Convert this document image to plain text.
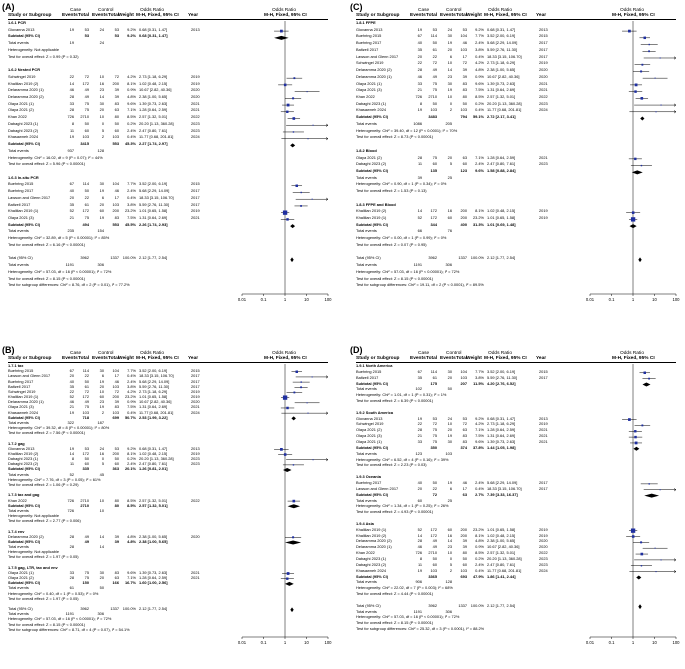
(A)	Case	Control	Odds Ratio	Odds Ratio
Study or Subgroup Events Total Events Total
Weight M-H, Fixed, 95% CI Year	M-H, Fixed, 95% CI
1.6.1 PCR
Giovanna 2013	19	53	24	53	9.2% 0.68 [0.31, 1.47]	2013
Subtotal (95% CI)	53	53	9.2% 0.68 [0.31, 1.47]
Total events	19	24
Heterogeneity: Not applicable
Test for overall effect: Z = 0.99 (P = 0.32)
1.6.2 Nested PCR
Schwingel 2019	22	72	10	72	4.2% 2.73 [1.18, 6.29]	2019
Khalilian 2019 (2)	14	172	16	200	8.1% 1.02 [0.48, 2.15]	2019
Delaramma 2020 (1)	46	49	23	39	0.9% 10.67 [2.82, 40.36]	2020
Delaramma 2020 (2)	28	49	14	39	4.8% 2.38 [1.00, 5.65]	2020
Olaya 2021 (1)	33	75	30	83	9.6% 1.39 [0.73, 2.63]	2021
Olaya 2021 (2)	28	75	20	63	7.1% 1.28 [0.64, 2.59]	2021
Khan 2022	726	2710	10	80	8.5% 2.57 [1.32, 5.01]	2022
Dabaghi 2023 (1)	8	50	0	50	0.2% 20.20 [1.13, 360.28]	2023
Dabaghi 2023 (2)	11	60	5	60	2.4% 2.47 [0.80, 7.61]	2023
Khasawneh 2024	19	103	2	103	0.4% 11.77 [0.68, 201.81]	2024
Subtotal (95% CI)	3415	553	45.3% 2.27 [1.74, 2.97]
Total events	937	128
Heterogeneity: Chi² = 16.02, df = 9 (P = 0.07); I² = 44%
Test for overall effect: Z = 5.96 (P < 0.00001)
1.6.3 In-situ PCR
Buehring 2015	67	114	30	104	7.7% 3.52 [2.00, 6.19]	2015
Buehring 2017	40	50	19	46	2.4% 5.68 [2.29, 14.09]	2017
Lawson and Glenn 2017	20	22	6	17	0.4% 18.33 [3.15, 106.70]	2017
Baltzell 2017	35	61	20	103	3.8% 5.59 [2.76, 11.30]	2017
Khalilian 2019 (1)	52	172	60	200	23.2% 1.01 [0.65, 1.58]	2019
Olaya 2021 (3)	21	75	19	83	7.5% 1.31 [0.64, 2.69]	2021
Subtotal (95% CI)	494	553	45.5% 2.26 [1.74, 2.93]
Total events	235	154
Heterogeneity: Chi² = 32.89, df = 5 (P < 0.00001); I² = 85%
Test for overall effect: Z = 6.16 (P < 0.00001)
Total (95% CI)	3962	1337 100.0% 2.12 [1.77, 2.54]
Total events	1191	306
Heterogeneity: Chi² = 57.03, df = 16 (P < 0.00001); I² = 72%
Test for overall effect: Z = 8.15 (P < 0.00001)
Test for subgroup differences: Chi² = 8.76, df = 2 (P = 0.01), I² = 77.2%
0.01	0.1	1	10	100
(C)	Case	Control	Odds Ratio	Odds Ratio
Study or Subgroup Events Total Events Total
Weight M-H, Fixed, 95% CI Year	M-H, Fixed, 95% CI
1.8.1 FFPE
Giovanna 2013	19	53	24	53	9.2% 0.68 [0.31, 1.47]	2013
Buehring 2015	67	114	30	104	7.7% 3.52 [2.00, 6.19]	2015
Buehring 2017	40	50	19	46	2.4% 5.68 [2.29, 14.09]	2017
Baltzell 2017	35	61	20	103	3.8% 5.59 [2.76, 11.30]	2017
Lawson and Glenn 2017	20	22	6	17	0.4% 18.33 [3.15, 106.70]	2017
Schwingel 2019	22	72	10	72	4.2% 2.73 [1.18, 6.29]	2019
Delaramma 2020 (2)	28	49	14	39	4.8% 2.38 [1.00, 5.65]	2020
Delaramma 2020 (1)	46	49	23	39	0.9% 10.67 [2.82, 40.36]	2020
Olaya 2021 (1)	33	75	30	83	9.6% 1.39 [0.73, 2.63]	2021
Olaya 2021 (3)	21	75	19	83	7.5% 1.31 [0.64, 2.69]	2021
Khan 2022	726	2710	10	80	8.5% 2.57 [1.32, 5.01]	2022
Dabaghi 2023 (1)	8	50	0	50	0.2% 20.20 [1.13, 360.28]	2023
Khasawneh 2024	19	103	2	103	0.4% 11.77 [0.68, 201.81]	2024
Subtotal (95% CI)	3483	794	59.1% 2.72 [2.17, 3.41]
Total events	1086	205
Heterogeneity: Chi² = 39.40, df = 12 (P < 0.0001); I² = 70%
Test for overall effect: Z = 8.73 (P < 0.00001)
1.8.2 Blood
Olaya 2021 (2)	28	75	20	63	7.1% 1.28 [0.64, 2.59]	2021
Dabaghi 2023 (2)	11	60	5	60	2.4% 2.47 [0.80, 7.61]	2023
Subtotal (95% CI)	135	123	9.6% 1.58 [0.88, 2.84]
Total events	39	25
Heterogeneity: Chi² = 0.90, df = 1 (P = 0.34); I² = 0%
Test for overall effect: Z = 1.53 (P = 0.13)
1.8.3 FFPE and Blood
Khalilian 2019 (2)	14	172	16	200	8.1% 1.02 [0.48, 2.15]	2019
Khalilian 2019 (1)	52	172	60	200	23.2% 1.01 [0.65, 1.58]	2019
Subtotal (95% CI)	344	400	31.3% 1.01 [0.69, 1.48]
Total events	66	76
Heterogeneity: Chi² = 0.00, df = 1 (P = 0.99); I² = 0%
Test for overall effect: Z = 0.07 (P = 0.95)
Total (95% CI)	3962	1337 100.0% 2.12 [1.77, 2.54]
Total events	1191	306
Heterogeneity: Chi² = 57.03, df = 16 (P < 0.00001); I² = 72%
Test for overall effect: Z = 8.15 (P < 0.00001)
Test for subgroup differences: Chi² = 19.11, df = 2 (P < 0.0001), I² = 89.5%
0.01	0.1	1	10	100
(B)	Case	Control	Odds Ratio	Odds Ratio
Study or Subgroup Events Total Events Total
Weight M-H, Fixed, 95% CI Year	M-H, Fixed, 95% CI
1.7.1 tax
Buehring 2015	67	114	30	104	7.7% 3.52 [2.00, 6.19]	2015
Lawson and Glenn 2017	20	22	6	17	0.4% 18.33 [3.15, 106.70]	2017
Buehring 2017	40	50	19	46	2.4% 5.68 [2.29, 14.09]	2017
Baltzell 2017	35	61	20	103	3.8% 5.59 [2.76, 11.30]	2017
Schwingel 2019	22	72	10	72	4.2% 2.73 [1.18, 6.29]	2019
Khalilian 2019 (1)	52	172	60	200	23.2% 1.01 [0.65, 1.58]	2019
Delaramma 2020 (1)	46	49	23	39	0.9% 10.67 [2.82, 40.36]	2020
Olaya 2021 (3)	21	75	19	83	7.5% 1.31 [0.64, 2.69]	2021
Khasawneh 2024	19	103	2	103	0.4% 11.77 [0.68, 201.81]	2024
Subtotal (95% CI)	718	699	50.7% 2.53 [1.99, 3.22]
Total events	322	187
Heterogeneity: Chi² = 39.32, df = 8 (P < 0.00001); I² = 80%
Test for overall effect: Z = 7.56 (P < 0.00001)
1.7.2 gag
Giovanna 2013	19	53	24	53	9.2% 0.68 [0.31, 1.47]	2013
Khalilian 2019 (2)	14	172	16	200	8.1% 1.02 [0.48, 2.15]	2019
Dabaghi 2023 (1)	8	50	0	50	0.2% 20.20 [1.13, 360.28]	2023
Dabaghi 2023 (2)	11	60	5	60	2.4% 2.47 [0.80, 7.61]	2023
Subtotal (95% CI)	335	363	20.1% 1.26 [0.81, 2.01]
Total events	52	45
Heterogeneity: Chi² = 7.76, df = 3 (P = 0.05); I² = 61%
Test for overall effect: Z = 1.06 (P = 0.29)
1.7.3 tax and gag
Khan 2022	726	2710	10	80	8.5% 2.57 [1.32, 5.01]	2022
Subtotal (95% CI)	2710	80	8.5% 2.57 [1.32, 5.01]
Total events	726	10
Heterogeneity: Not applicable
Test for overall effect: Z = 2.77 (P = 0.006)
1.7.4 env
Delaramma 2020 (2)	28	49	14	39	4.8% 2.38 [1.00, 5.65]	2020
Subtotal (95% CI)	49	39	4.8% 2.38 [1.00, 5.65]
Total events	28	14
Heterogeneity: Not applicable
Test for overall effect: Z = 1.97 (P = 0.05)
1.7.5 gag, LTR, tax and env
Olaya 2021 (1)	33	75	30	83	9.6% 1.39 [0.73, 2.63]	2021
Olaya 2021 (2)	28	75	20	63	7.1% 1.28 [0.64, 2.59]	2021
Subtotal (95% CI)	150	166	16.7% 1.60 [1.00, 2.56]
Total events	61	50
Heterogeneity: Chi² = 0.40, df = 1 (P = 0.53); I² = 0%
Test for overall effect: Z = 1.97 (P = 0.05)
Total (95% CI)	3962	1337 100.0% 2.12 [1.77, 2.54]
Total events	1191	306
Heterogeneity: Chi² = 57.03, df = 16 (P < 0.00001); I² = 72%
Test for overall effect: Z = 8.15 (P < 0.00001)
Test for subgroup differences: Chi² = 8.71, df = 4 (P = 0.07), I² = 54.1%
0.01	0.1	1	10	100
(D)	Case	Control	Odds Ratio	Odds Ratio
Study or Subgroup Events Total Events Total
Weight M-H, Fixed, 95% CI Year	M-H, Fixed, 95% CI
1.9.1 North America
Buehring 2015	67	114	30	104	7.7% 3.52 [2.00, 6.19]	2015
Baltzell 2017	35	61	20	103	3.8% 5.59 [2.76, 11.30]	2017
Subtotal (95% CI)	175	207	11.5% 4.20 [2.76, 6.52]
Total events	102	50
Heterogeneity: Chi² = 1.01, df = 1 (P = 0.31); I² = 1%
Test for overall effect: Z = 6.39 (P < 0.00001)
1.9.2 South America
Giovanna 2013	19	53	24	53	9.2% 0.68 [0.31, 1.47]	2013
Schwingel 2019	22	72	10	72	4.2% 2.73 [1.18, 6.29]	2019
Olaya 2021 (2)	28	75	20	63	7.1% 1.28 [0.64, 2.59]	2021
Olaya 2021 (3)	21	75	19	83	7.5% 1.31 [0.64, 2.69]	2021
Olaya 2021 (1)	33	75	30	83	9.6% 1.39 [0.73, 2.63]	2021
Subtotal (95% CI)	350	374	37.8% 1.44 [1.05, 1.98]
Total events	123	103
Heterogeneity: Chi² = 6.52, df = 4 (P = 0.16); I² = 39%
Test for overall effect: Z = 2.23 (P = 0.03)
1.9.3 Oceania
Buehring 2017	40	50	19	46	2.4% 5.68 [2.29, 14.09]	2017
Lawson and Glenn 2017	20	22	6	17	0.4% 18.33 [3.15, 106.70]	2017
Subtotal (95% CI)	72	63	2.7% 7.39 [3.33, 16.37]
Total events	60	25
Heterogeneity: Chi² = 1.34, df = 1 (P = 0.25); I² = 26%
Test for overall effect: Z = 4.93 (P < 0.00001)
1.9.4 Asia
Khalilian 2019 (1)	52	172	60	200	23.2% 1.01 [0.65, 1.58]	2019
Khalilian 2019 (2)	14	172	16	200	8.1% 1.02 [0.48, 2.15]	2019
Delaramma 2020 (2)	28	49	14	39	4.8% 2.38 [1.00, 5.65]	2020
Delaramma 2020 (1)	46	49	23	39	0.9% 10.67 [2.82, 40.36]	2020
Khan 2022	726	2710	10	80	8.5% 2.57 [1.32, 5.01]	2022
Dabaghi 2023 (1)	8	50	0	50	0.2% 20.20 [1.13, 360.28]	2023
Dabaghi 2023 (2)	11	60	5	60	2.4% 2.47 [0.80, 7.61]	2023
Khasawneh 2024	19	103	2	103	0.4% 11.77 [0.68, 201.81]	2024
Subtotal (95% CI)	3365	693	47.9% 1.86 [1.41, 2.44]
Total events	906	128
Heterogeneity: Chi² = 22.02, df = 7 (P = 0.003); I² = 68%
Test for overall effect: Z = 4.44 (P < 0.00001)
Total (95% CI)	3962	1337 100.0% 2.12 [1.77, 2.54]
Total events	1191	306
Heterogeneity: Chi² = 57.03, df = 16 (P < 0.00001); I² = 72%
Test for overall effect: Z = 8.15 (P < 0.00001)
Test for subgroup differences: Chi² = 25.32, df = 3 (P < 0.0001), I² = 88.2%
0.01	0.1	1	10	100
